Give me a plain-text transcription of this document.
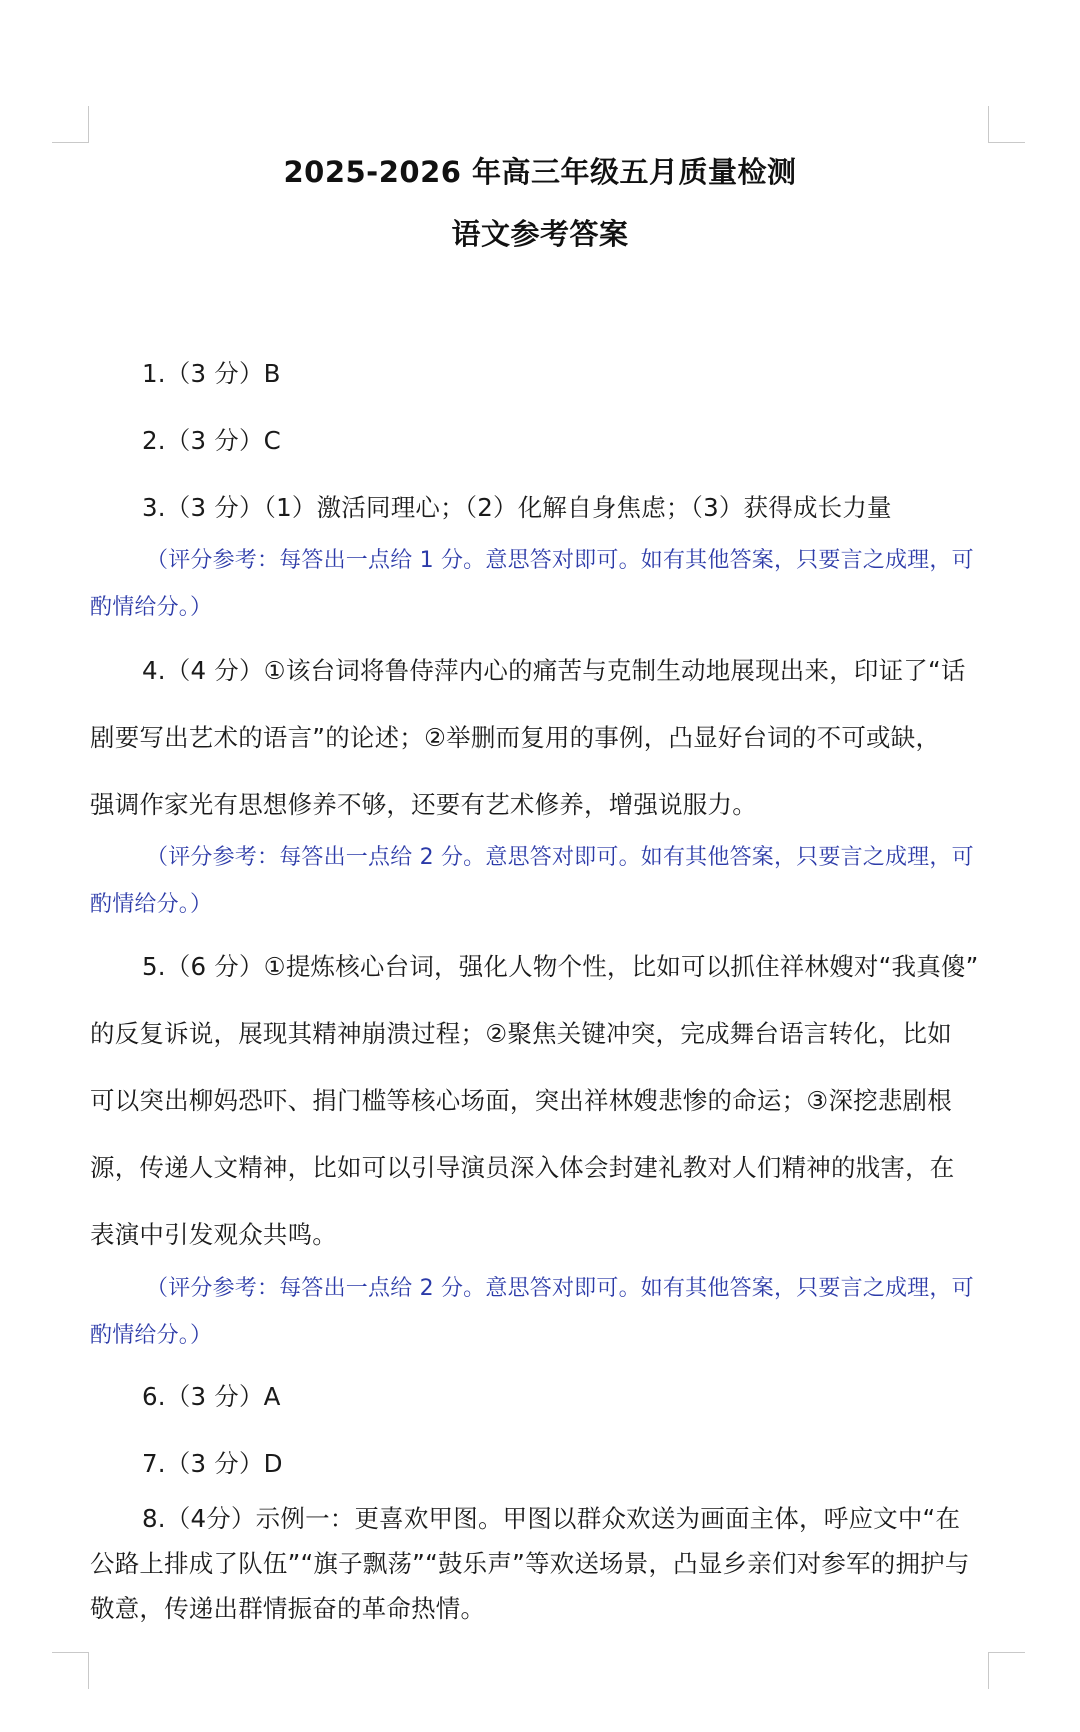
2025-2026 年高三年级五月质量检测
语文参考答案
1.（3 分）B
2.（3 分）C
3.（3 分）（1）激活同理心；（2）化解自身焦虑；（3）获得成长力量
（评分参考：每答出一点给 1 分。意思答对即可。如有其他答案，只要言之成理，可
酌情给分。）
4.（4 分）①该台词将鲁侍萍内心的痛苦与克制生动地展现出来，印证了“话
剧要写出艺术的语言”的论述；②举删而复用的事例，凸显好台词的不可或缺，
强调作家光有思想修养不够，还要有艺术修养，增强说服力。
（评分参考：每答出一点给 2 分。意思答对即可。如有其他答案，只要言之成理，可
酌情给分。）
5.（6 分）①提炼核心台词，强化人物个性，比如可以抓住祥林嫂对“我真傻”
的反复诉说，展现其精神崩溃过程；②聚焦关键冲突，完成舞台语言转化，比如
可以突出柳妈恐吓、捐门槛等核心场面，突出祥林嫂悲惨的命运；③深挖悲剧根
源，传递人文精神，比如可以引导演员深入体会封建礼教对人们精神的戕害，在
表演中引发观众共鸣。
（评分参考：每答出一点给 2 分。意思答对即可。如有其他答案，只要言之成理，可
酌情给分。）
6.（3 分）A
7.（3 分）D
8.（4分）示例一：更喜欢甲图。甲图以群众欢送为画面主体，呼应文中“在
公路上排成了队伍”“旗子飘荡”“鼓乐声”等欢送场景，凸显乡亲们对参军的拥护与
敬意，传递出群情振奋的革命热情。
